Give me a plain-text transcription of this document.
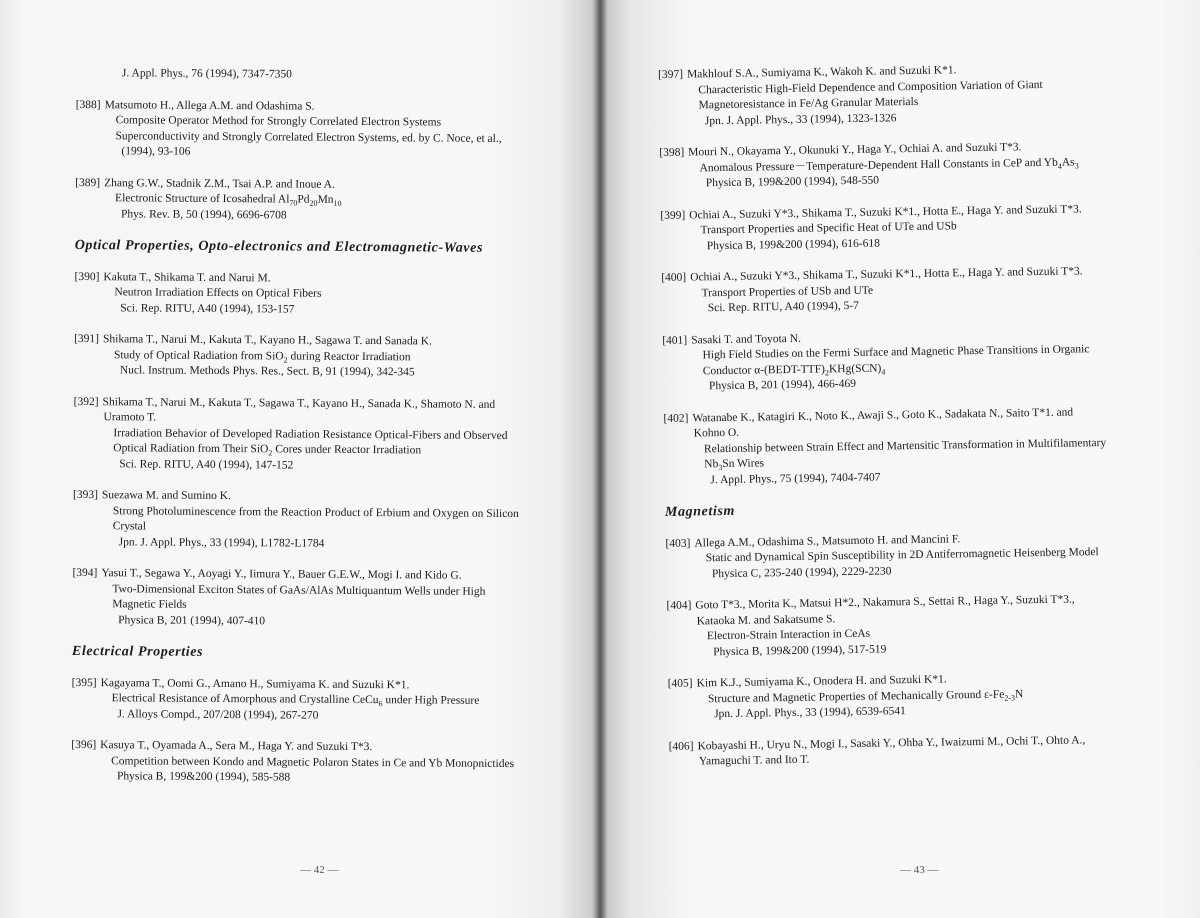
J. Appl. Phys., 76 (1994), 7347-7350
[388] Matsumoto H., Allega A.M. and Odashima S.
Composite Operator Method for Strongly Correlated Electron Systems
Superconductivity and Strongly Correlated Electron Systems, ed. by C. Noce, et al.,
(1994), 93-106
[389] Zhang G.W., Stadnik Z.M., Tsai A.P. and Inoue A.
Electronic Structure of Icosahedral $Al_{70}Pd_{20}Mn_{10}$
Phys. Rev. B, 50 (1994), 6696-6708
Optical Properties, Opto-electronics and Electromagnetic-Waves
[390] Kakuta T., Shikama T. and Narui M.
Neutron Irradiation Effects on Optical Fibers
Sci. Rep. RITU, A40 (1994), 153-157
[391] Shikama T., Narui M., Kakuta T., Kayano H., Sagawa T. and Sanada K.
Study of Optical Radiation from SiO$_2$ during Reactor Irradiation
Nucl. Instrum. Methods Phys. Res., Sect. B, 91 (1994), 342-345
[392] Shikama T., Narui M., Kakuta T., Sagawa T., Kayano H., Sanada K., Shamoto N. and
Uramoto T.
Irradiation Behavior of Developed Radiation Resistance Optical-Fibers and Observed
Optical Radiation from Their SiO$_2$ Cores under Reactor Irradiation
Sci. Rep. RITU, A40 (1994), 147-152
[393] Suezawa M. and Sumino K.
Strong Photoluminescence from the Reaction Product of Erbium and Oxygen on Silicon
Crystal
Jpn. J. Appl. Phys., 33 (1994), L1782-L1784
[394] Yasui T., Segawa Y., Aoyagi Y., Iimura Y., Bauer G.E.W., Mogi I. and Kido G.
Two-Dimensional Exciton States of GaAs/AlAs Multiquantum Wells under High
Magnetic Fields
Physica B, 201 (1994), 407-410
Electrical Properties
[395] Kagayama T., Oomi G., Amano H., Sumiyama K. and Suzuki K*1.
Electrical Resistance of Amorphous and Crystalline CeCu$_6$ under High Pressure
J. Alloys Compd., 207/208 (1994), 267-270
[396] Kasuya T., Oyamada A., Sera M., Haga Y. and Suzuki T*3.
Competition between Kondo and Magnetic Polaron States in Ce and Yb Monopnictides
Physica B, 199&200 (1994), 585-588
— 42 —
[397] Makhlouf S.A., Sumiyama K., Wakoh K. and Suzuki K*1.
Characteristic High-Field Dependence and Composition Variation of Giant
Magnetoresistance in Fe/Ag Granular Materials
Jpn. J. Appl. Phys., 33 (1994), 1323-1326
[398] Mouri N., Okayama Y., Okunuki Y., Haga Y., Ochiai A. and Suzuki T*3.
Anomalous Pressure－Temperature-Dependent Hall Constants in CeP and $Yb_4As_3$
Physica B, 199&200 (1994), 548-550
[399] Ochiai A., Suzuki Y*3., Shikama T., Suzuki K*1., Hotta E., Haga Y. and Suzuki T*3.
Transport Properties and Specific Heat of UTe and USb
Physica B, 199&200 (1994), 616-618
[400] Ochiai A., Suzuki Y*3., Shikama T., Suzuki K*1., Hotta E., Haga Y. and Suzuki T*3.
Transport Properties of USb and UTe
Sci. Rep. RITU, A40 (1994), 5-7
[401] Sasaki T. and Toyota N.
High Field Studies on the Fermi Surface and Magnetic Phase Transitions in Organic
Conductor $\alpha-(BEDT-TTF)_2KHg(SCN)_4$
Physica B, 201 (1994), 466-469
[402] Watanabe K., Katagiri K., Noto K., Awaji S., Goto K., Sadakata N., Saito T*1. and
Kohno O.
Relationship between Strain Effect and Martensitic Transformation in Multifilamentary
$Nb_3Sn$ Wires
J. Appl. Phys., 75 (1994), 7404-7407
Magnetism
[403] Allega A.M., Odashima S., Matsumoto H. and Mancini F.
Static and Dynamical Spin Susceptibility in 2D Antiferromagnetic Heisenberg Model
Physica C, 235-240 (1994), 2229-2230
[404] Goto T*3., Morita K., Matsui H*2., Nakamura S., Settai R., Haga Y., Suzuki T*3.,
Kataoka M. and Sakatsume S.
Electron-Strain Interaction in CeAs
Physica B, 199&200 (1994), 517-519
[405] Kim K.J., Sumiyama K., Onodera H. and Suzuki K*1.
Structure and Magnetic Properties of Mechanically Ground $\varepsilon-Fe_{2-3}N$
Jpn. J. Appl. Phys., 33 (1994), 6539-6541
[406] Kobayashi H., Uryu N., Mogi I., Sasaki Y., Ohba Y., Iwaizumi M., Ochi T., Ohto A.,
Yamaguchi T. and Ito T.
— 43 —
